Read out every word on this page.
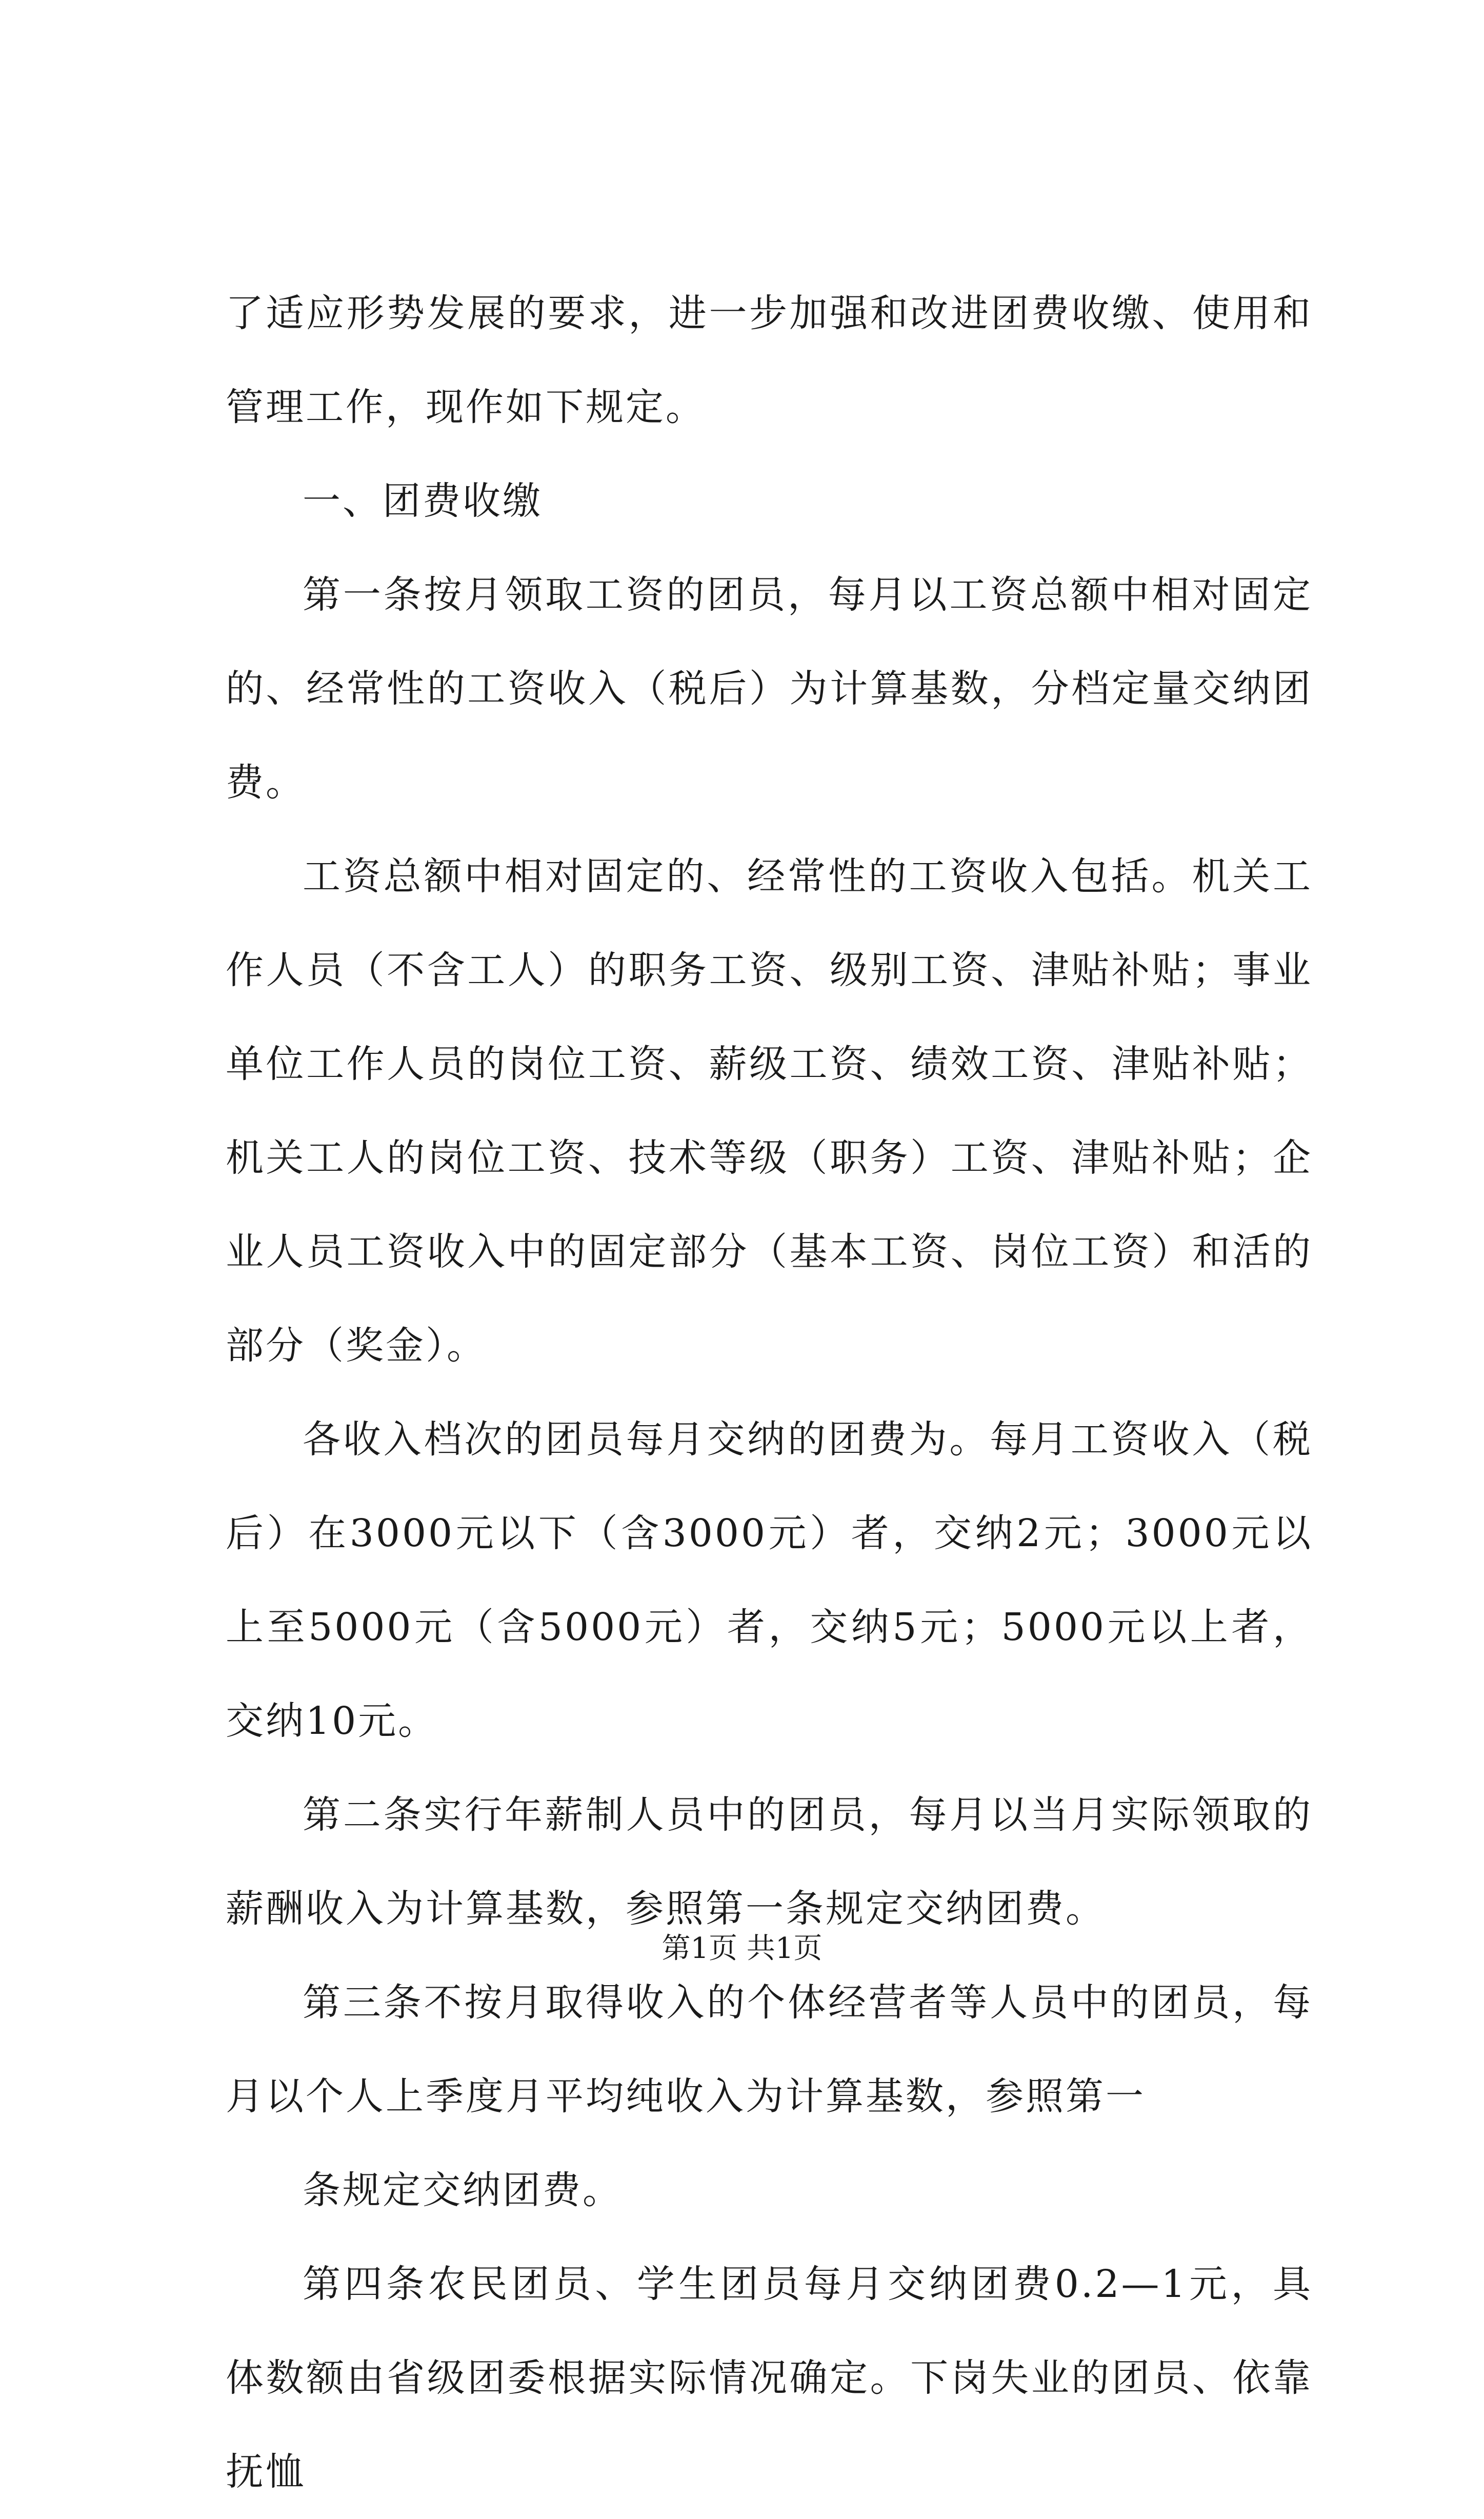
了适应形势发展的要求，进一步加强和改进团费收缴、使用和管理工作，现作如下规定。

一、团费收缴

第一条按月领取工资的团员，每月以工资总额中相对固定的、经常性的工资收入（税后）为计算基数，分档定量交纳团费。

工资总额中相对固定的、经常性的工资收入包括。机关工作人员（不含工人）的职务工资、级别工资、津贴补贴；事业单位工作人员的岗位工资、薪级工资、绩效工资、津贴补贴；机关工人的岗位工资、技术等级（职务）工资、津贴补贴；企业人员工资收入中的固定部分（基本工资、岗位工资）和活的部分（奖金）。

各收入档次的团员每月交纳的团费为。每月工资收入（税后）在3000元以下（含3000元）者，交纳2元；3000元以上至5000元（含5000元）者，交纳5元；5000元以上者，交纳10元。

第二条实行年薪制人员中的团员，每月以当月实际领取的薪酬收入为计算基数，参照第一条规定交纳团费。

第三条不按月取得收入的个体经营者等人员中的团员，每月以个人上季度月平均纯收入为计算基数，参照第一

条规定交纳团费。

第四条农民团员、学生团员每月交纳团费0.2—1元，具体数额由省级团委根据实际情况确定。下岗失业的团员、依靠抚恤

第1页 共1页
